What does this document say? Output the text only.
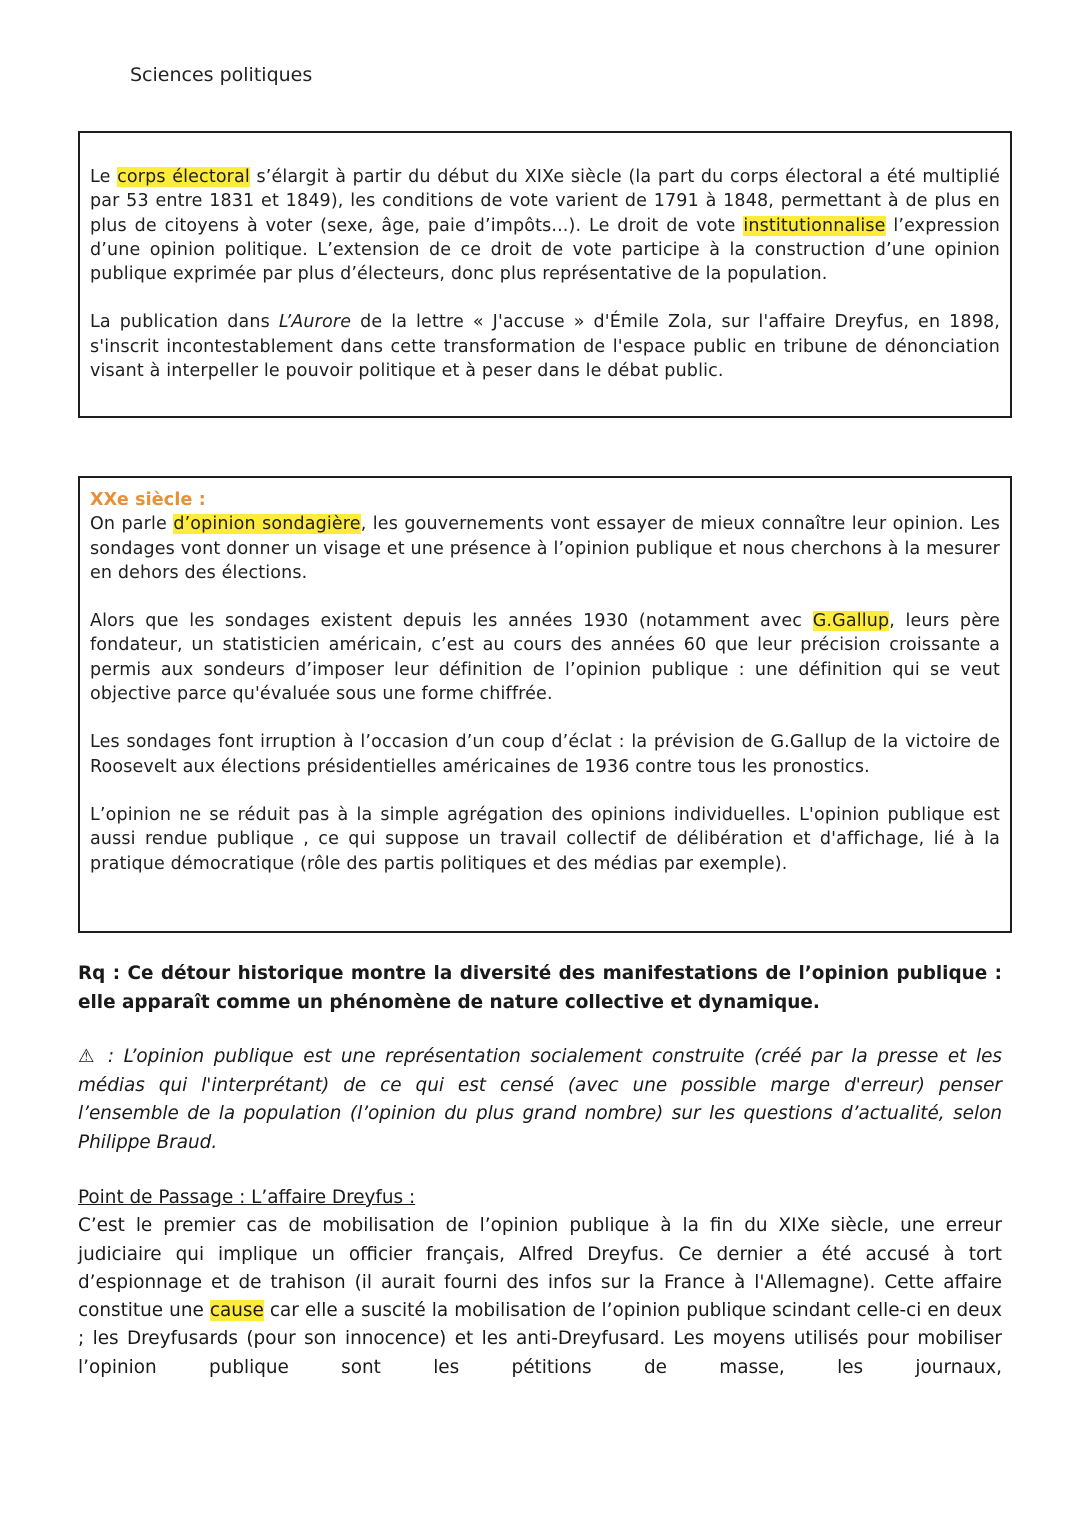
Sciences politiques

Le corps électoral s’élargit à partir du début du XIXe siècle (la part du corps électoral a été multiplié par 53 entre 1831 et 1849), les conditions de vote varient de 1791 à 1848, permettant à de plus en plus de citoyens à voter (sexe, âge, paie d’impôts...). Le droit de vote institutionnalise l’expression d’une opinion politique. L’extension de ce droit de vote participe à la construction d’une opinion publique exprimée par plus d’électeurs, donc plus représentative de la population.

La publication dans L’Aurore de la lettre « J'accuse » d'Émile Zola, sur l'affaire Dreyfus, en 1898, s'inscrit incontestablement dans cette transformation de l'espace public en tribune de dénonciation visant à interpeller le pouvoir politique et à peser dans le débat public.

XXe siècle :

On parle d’opinion sondagière, les gouvernements vont essayer de mieux connaître leur opinion. Les sondages vont donner un visage et une présence à l’opinion publique et nous cherchons à la mesurer en dehors des élections.

Alors que les sondages existent depuis les années 1930 (notamment avec G.Gallup, leurs père fondateur, un statisticien américain, c’est au cours des années 60 que leur précision croissante a permis aux sondeurs d’imposer leur définition de l’opinion publique : une définition qui se veut objective parce qu'évaluée sous une forme chiffrée.

Les sondages font irruption à l’occasion d’un coup d’éclat : la prévision de G.Gallup de la victoire de Roosevelt aux élections présidentielles américaines de 1936 contre tous les pronostics.

L’opinion ne se réduit pas à la simple agrégation des opinions individuelles. L'opinion publique est aussi rendue publique , ce qui suppose un travail collectif de délibération et d'affichage, lié à la pratique démocratique (rôle des partis politiques et des médias par exemple).

Rq : Ce détour historique montre la diversité des manifestations de l’opinion publique : elle apparaît comme un phénomène de nature collective et dynamique.
⚠ : L’opinion publique est une représentation socialement construite (créé par la presse et les médias qui l'interprétant) de ce qui est censé (avec une possible marge d'erreur) penser l’ensemble de la population (l’opinion du plus grand nombre) sur les questions d’actualité, selon Philippe Braud.
Point de Passage : L’affaire Dreyfus :
C’est le premier cas de mobilisation de l’opinion publique à la fin du XIXe siècle, une erreur judiciaire qui implique un officier français, Alfred Dreyfus. Ce dernier a été accusé à tort d’espionnage et de trahison (il aurait fourni des infos sur la France à l'Allemagne). Cette affaire constitue une cause car elle a suscité la mobilisation de l’opinion publique scindant celle-ci en deux ; les Dreyfusards (pour son innocence) et les anti-Dreyfusard. Les moyens utilisés pour mobiliser l’opinion publique sont les pétitions de masse, les journaux,
